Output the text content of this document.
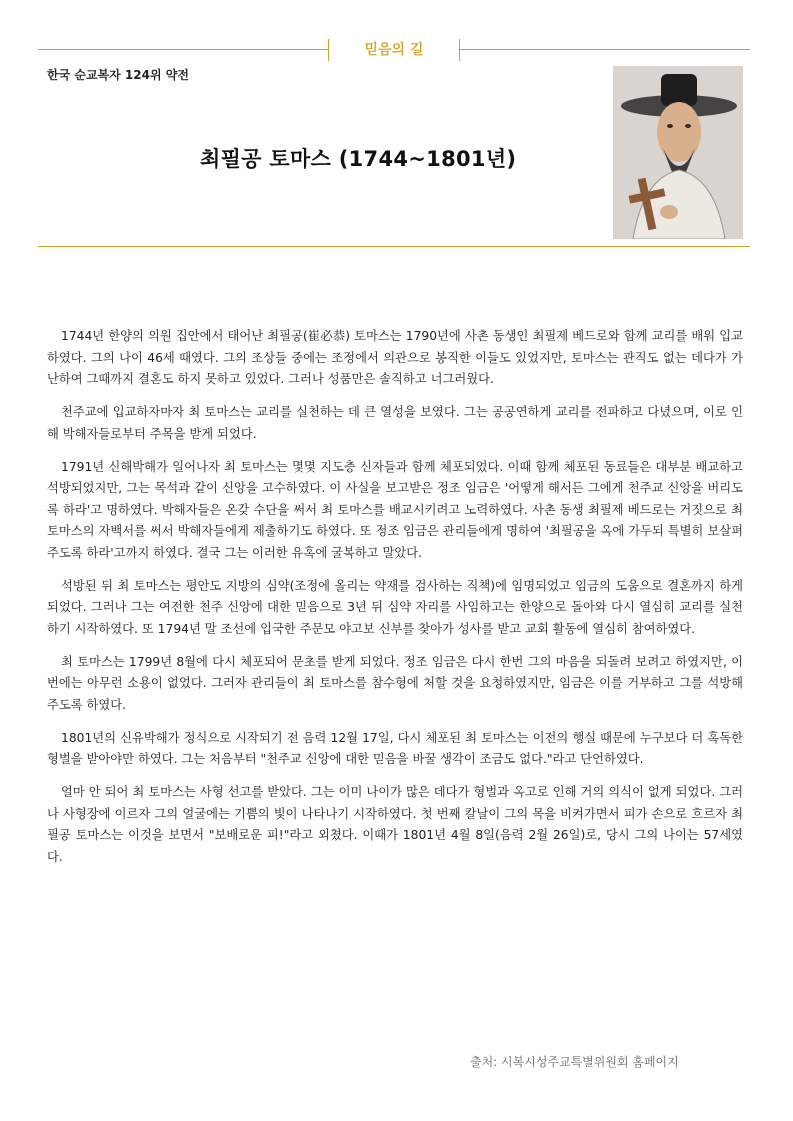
믿음의 길
한국 순교복자 124위 약전
최필공 토마스 (1744~1801년)

1744년 한양의 의원 집안에서 태어난 최필공(崔必恭) 토마스는 1790년에 사촌 동생인 최필제 베드로와 함께 교리를 배워 입교하였다. 그의 나이 46세 때였다. 그의 조상들 중에는 조정에서 의관으로 봉직한 이들도 있었지만, 토마스는 관직도 없는 데다가 가난하여 그때까지 결혼도 하지 못하고 있었다. 그러나 성품만은 솔직하고 너그러웠다.

천주교에 입교하자마자 최 토마스는 교리를 실천하는 데 큰 열성을 보였다. 그는 공공연하게 교리를 전파하고 다녔으며, 이로 인해 박해자들로부터 주목을 받게 되었다.

1791년 신해박해가 일어나자 최 토마스는 몇몇 지도층 신자들과 함께 체포되었다. 이때 함께 체포된 동료들은 대부분 배교하고 석방되었지만, 그는 목석과 같이 신앙을 고수하였다. 이 사실을 보고받은 정조 임금은 '어떻게 해서든 그에게 천주교 신앙을 버리도록 하라'고 명하였다. 박해자들은 온갖 수단을 써서 최 토마스를 배교시키려고 노력하였다. 사촌 동생 최필제 베드로는 거짓으로 최 토마스의 자백서를 써서 박해자들에게 제출하기도 하였다. 또 정조 임금은 관리들에게 명하여 '최필공을 옥에 가두되 특별히 보살펴 주도록 하라'고까지 하였다. 결국 그는 이러한 유혹에 굴복하고 말았다.

석방된 뒤 최 토마스는 평안도 지방의 심약(조정에 올리는 약재를 검사하는 직책)에 임명되었고 임금의 도움으로 결혼까지 하게 되었다. 그러나 그는 여전한 천주 신앙에 대한 믿음으로 3년 뒤 심약 자리를 사임하고는 한양으로 돌아와 다시 열심히 교리를 실천하기 시작하였다. 또 1794년 말 조선에 입국한 주문모 야고보 신부를 찾아가 성사를 받고 교회 활동에 열심히 참여하였다.

최 토마스는 1799년 8월에 다시 체포되어 문초를 받게 되었다. 정조 임금은 다시 한번 그의 마음을 되돌려 보려고 하였지만, 이번에는 아무런 소용이 없었다. 그러자 관리들이 최 토마스를 참수형에 처할 것을 요청하였지만, 임금은 이를 거부하고 그를 석방해 주도록 하였다.

1801년의 신유박해가 정식으로 시작되기 전 음력 12월 17일, 다시 체포된 최 토마스는 이전의 행실 때문에 누구보다 더 혹독한 형벌을 받아야만 하였다. 그는 처음부터 "천주교 신앙에 대한 믿음을 바꿀 생각이 조금도 없다."라고 단언하였다.

얼마 안 되어 최 토마스는 사형 선고를 받았다. 그는 이미 나이가 많은 데다가 형벌과 옥고로 인해 거의 의식이 없게 되었다. 그러나 사형장에 이르자 그의 얼굴에는 기쁨의 빛이 나타나기 시작하였다. 첫 번째 칼날이 그의 목을 비켜가면서 피가 손으로 흐르자 최필공 토마스는 이것을 보면서 "보배로운 피!"라고 외쳤다. 이때가 1801년 4월 8일(음력 2월 26일)로, 당시 그의 나이는 57세였다.

출처: 시복시성주교특별위원회 홈페이지
